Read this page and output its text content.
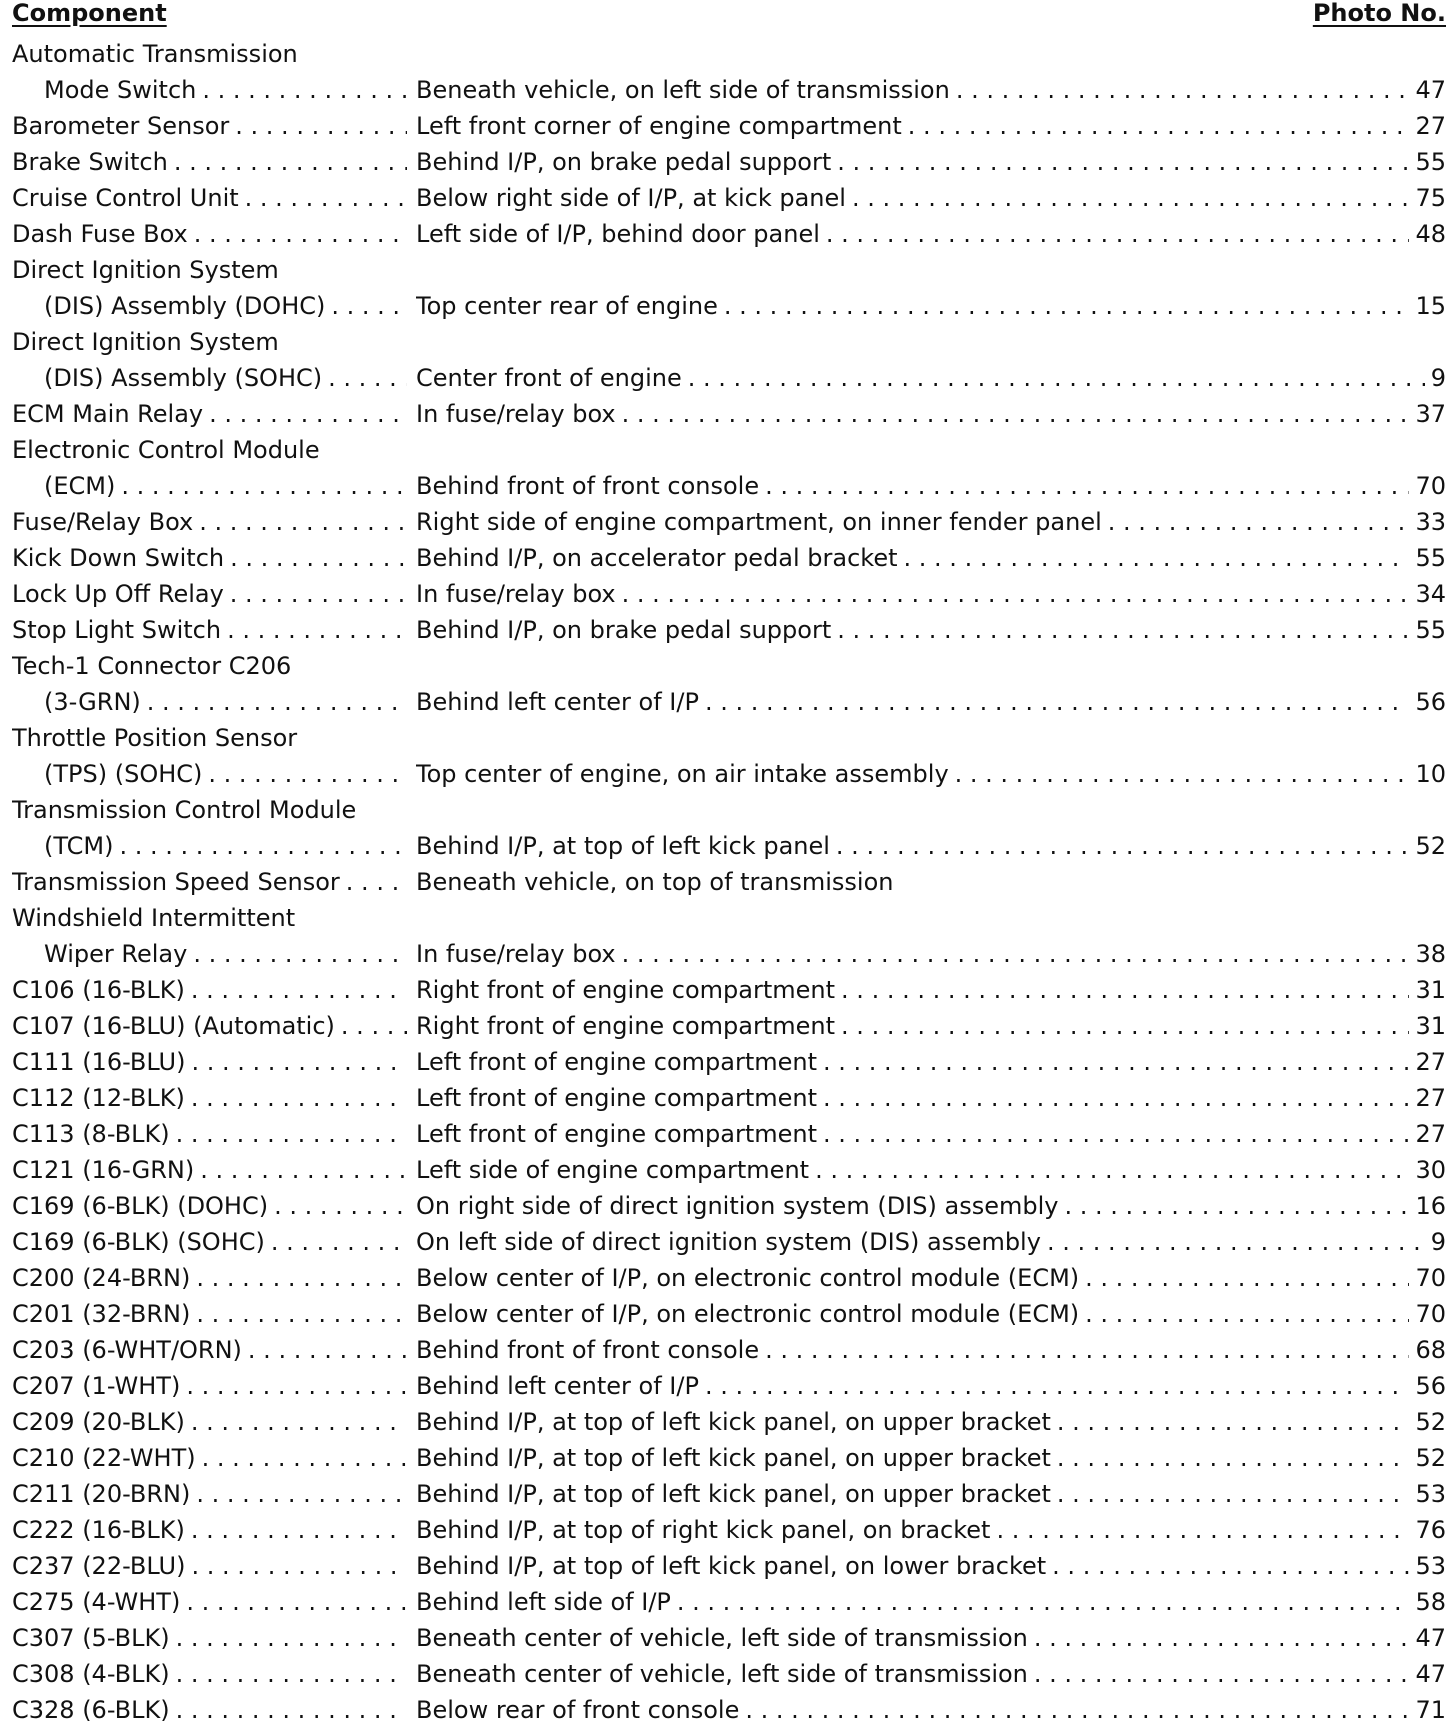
Component	Photo No.
Automatic Transmission
Mode Switch . . .	Beneath vehicle, on left side of transmission . . .	47
Barometer Sensor . . .	Left front corner of engine compartment . . .	27
Brake Switch . . .	Behind I/P, on brake pedal support . . .	55
Cruise Control Unit . . .	Below right side of I/P, at kick panel . . .	75
Dash Fuse Box . . .	Left side of I/P, behind door panel . . .	48
Direct Ignition System
(DIS) Assembly (DOHC) . . .	Top center rear of engine . . .	15
Direct Ignition System
(DIS) Assembly (SOHC) . . .	Center front of engine . . .	9
ECM Main Relay . . .	In fuse/relay box . . .	37
Electronic Control Module
(ECM) . . .	Behind front of front console . . .	70
Fuse/Relay Box . . .	Right side of engine compartment, on inner fender panel . . .	33
Kick Down Switch . . .	Behind I/P, on accelerator pedal bracket . . .	55
Lock Up Off Relay . . .	In fuse/relay box . . .	34
Stop Light Switch . . .	Behind I/P, on brake pedal support . . .	55
Tech-1 Connector C206
(3-GRN) . . .	Behind left center of I/P . . .	56
Throttle Position Sensor
(TPS) (SOHC) . . .	Top center of engine, on air intake assembly . . .	10
Transmission Control Module
(TCM) . . .	Behind I/P, at top of left kick panel . . .	52
Transmission Speed Sensor . . .	Beneath vehicle, on top of transmission
Windshield Intermittent
Wiper Relay . . .	In fuse/relay box . . .	38
C106 (16-BLK) . . .	Right front of engine compartment . . .	31
C107 (16-BLU) (Automatic) . . .	Right front of engine compartment . . .	31
C111 (16-BLU) . . .	Left front of engine compartment . . .	27
C112 (12-BLK) . . .	Left front of engine compartment . . .	27
C113 (8-BLK) . . .	Left front of engine compartment . . .	27
C121 (16-GRN) . . .	Left side of engine compartment . . .	30
C169 (6-BLK) (DOHC) . . .	On right side of direct ignition system (DIS) assembly . . .	16
C169 (6-BLK) (SOHC) . . .	On left side of direct ignition system (DIS) assembly . . .	9
C200 (24-BRN) . . .	Below center of I/P, on electronic control module (ECM) . . .	70
C201 (32-BRN) . . .	Below center of I/P, on electronic control module (ECM) . . .	70
C203 (6-WHT/ORN) . . .	Behind front of front console . . .	68
C207 (1-WHT) . . .	Behind left center of I/P . . .	56
C209 (20-BLK) . . .	Behind I/P, at top of left kick panel, on upper bracket . . .	52
C210 (22-WHT) . . .	Behind I/P, at top of left kick panel, on upper bracket . . .	52
C211 (20-BRN) . . .	Behind I/P, at top of left kick panel, on upper bracket . . .	53
C222 (16-BLK) . . .	Behind I/P, at top of right kick panel, on bracket . . .	76
C237 (22-BLU) . . .	Behind I/P, at top of left kick panel, on lower bracket . . .	53
C275 (4-WHT) . . .	Behind left side of I/P . . .	58
C307 (5-BLK) . . .	Beneath center of vehicle, left side of transmission . . .	47
C308 (4-BLK) . . .	Beneath center of vehicle, left side of transmission . . .	47
C328 (6-BLK) . . .	Below rear of front console . . .	71
